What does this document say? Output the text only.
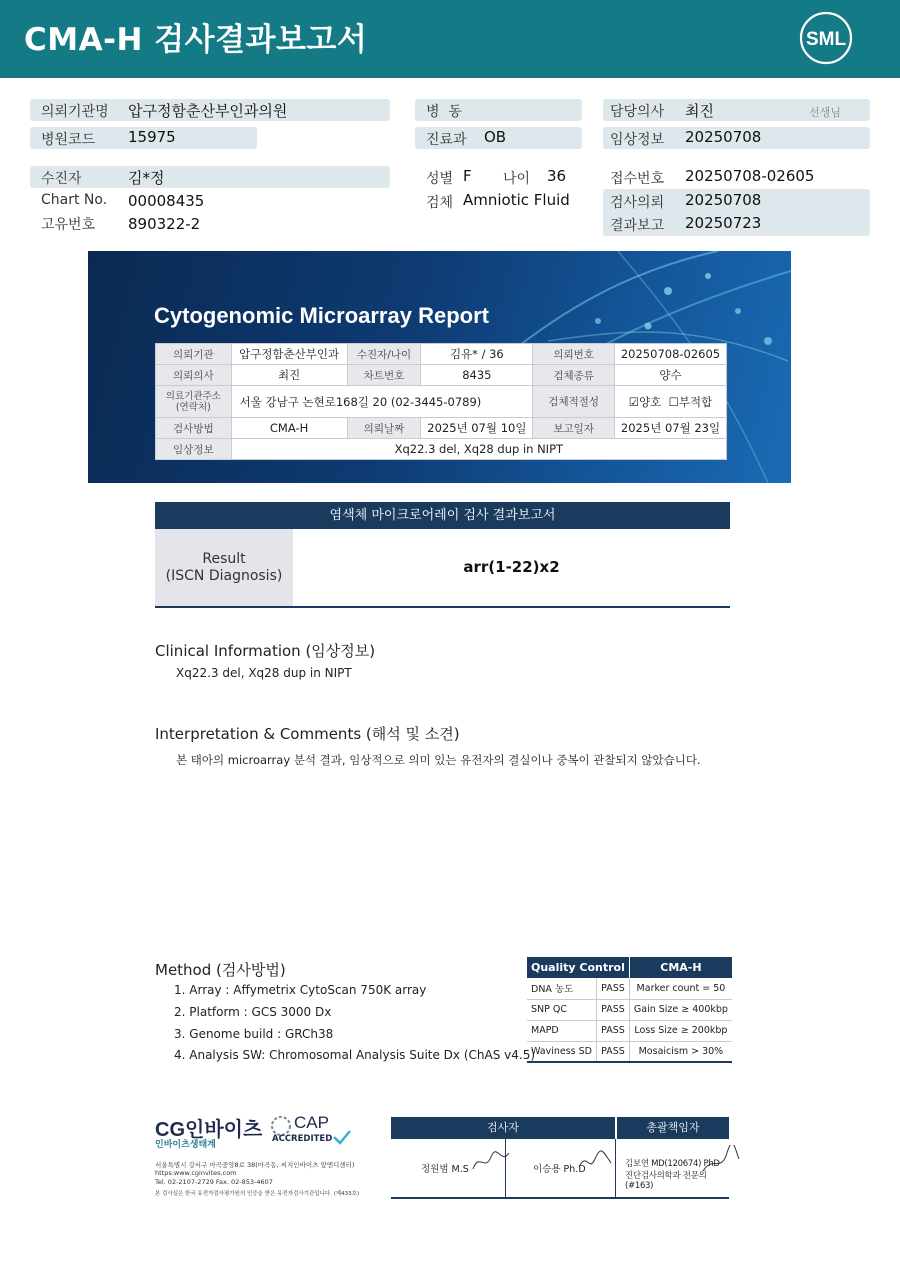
CMA-H 검사결과보고서	SML
의뢰기관명 압구정함춘산부인과의원
병원코드 15975
병  동
진료과 OB
담당의사 최진	선생님
임상정보 20250708
수진자	김*정
Chart No. 00008435
고유번호 890322-2
성별 F 나이 36
검체 Amniotic Fluid
접수번호 20250708-02605
검사의뢰 20250708
결과보고 20250723
Cytogenomic Microarray Report
의뢰기관	압구정함춘산부인과	수진자/나이	김유* / 36	의뢰번호	20250708-02605
의뢰의사	최진	차트번호	8435	검체종류	양수
의료기관주소
(연락처)	서울 강남구 논현로168길 20 (02-3445-0789)			검체적절성	☑양호 ☐부적합
검사방법	CMA-H	의뢰날짜	2025년 07월 10일	보고일자	2025년 07월 23일
임상정보	Xq22.3 del, Xq28 dup in NIPT				
염색체 마이크로어레이 검사 결과보고서
Result
(ISCN Diagnosis)	arr(1-22)x2
Clinical Information (임상정보)
Xq22.3 del, Xq28 dup in NIPT
Interpretation & Comments (해석 및 소견)
본 태아의 microarray 분석 결과, 임상적으로 의미 있는 유전자의 결실이나 중복이 관찰되지 않았습니다.
Method (검사방법)
1. Array : Affymetrix CytoScan 750K array
2. Platform : GCS 3000 Dx
3. Genome build : GRCh38
4. Analysis SW: Chromosomal Analysis Suite Dx (ChAS v4.5)
Quality Control		CMA-H
DNA 농도	PASS	Marker count = 50
SNP QC	PASS	Gain Size ≥ 400kbp
MAPD	PASS	Loss Size ≥ 200kbp
Waviness SD	PASS	Mosaicism > 30%
CG인바이츠
인바이츠생태계
CAP
ACCREDITED
서울특별시 강서구 마곡중앙8로 38(마곡동, 씨지인바이츠 앞엔디센터)
https:www.cginvites.com
Tel. 02-2107-2729 Fax. 02-853-4607
본 검사실은 한국 유전자검사평가원의 인증을 받은 유전자검사기관입니다. (제433호)
검사자	총괄책임자
정원범 M.S	이승용 Ph.D	김보연 MD(120674) PhD
진단검사의학과 전문의(#163)
